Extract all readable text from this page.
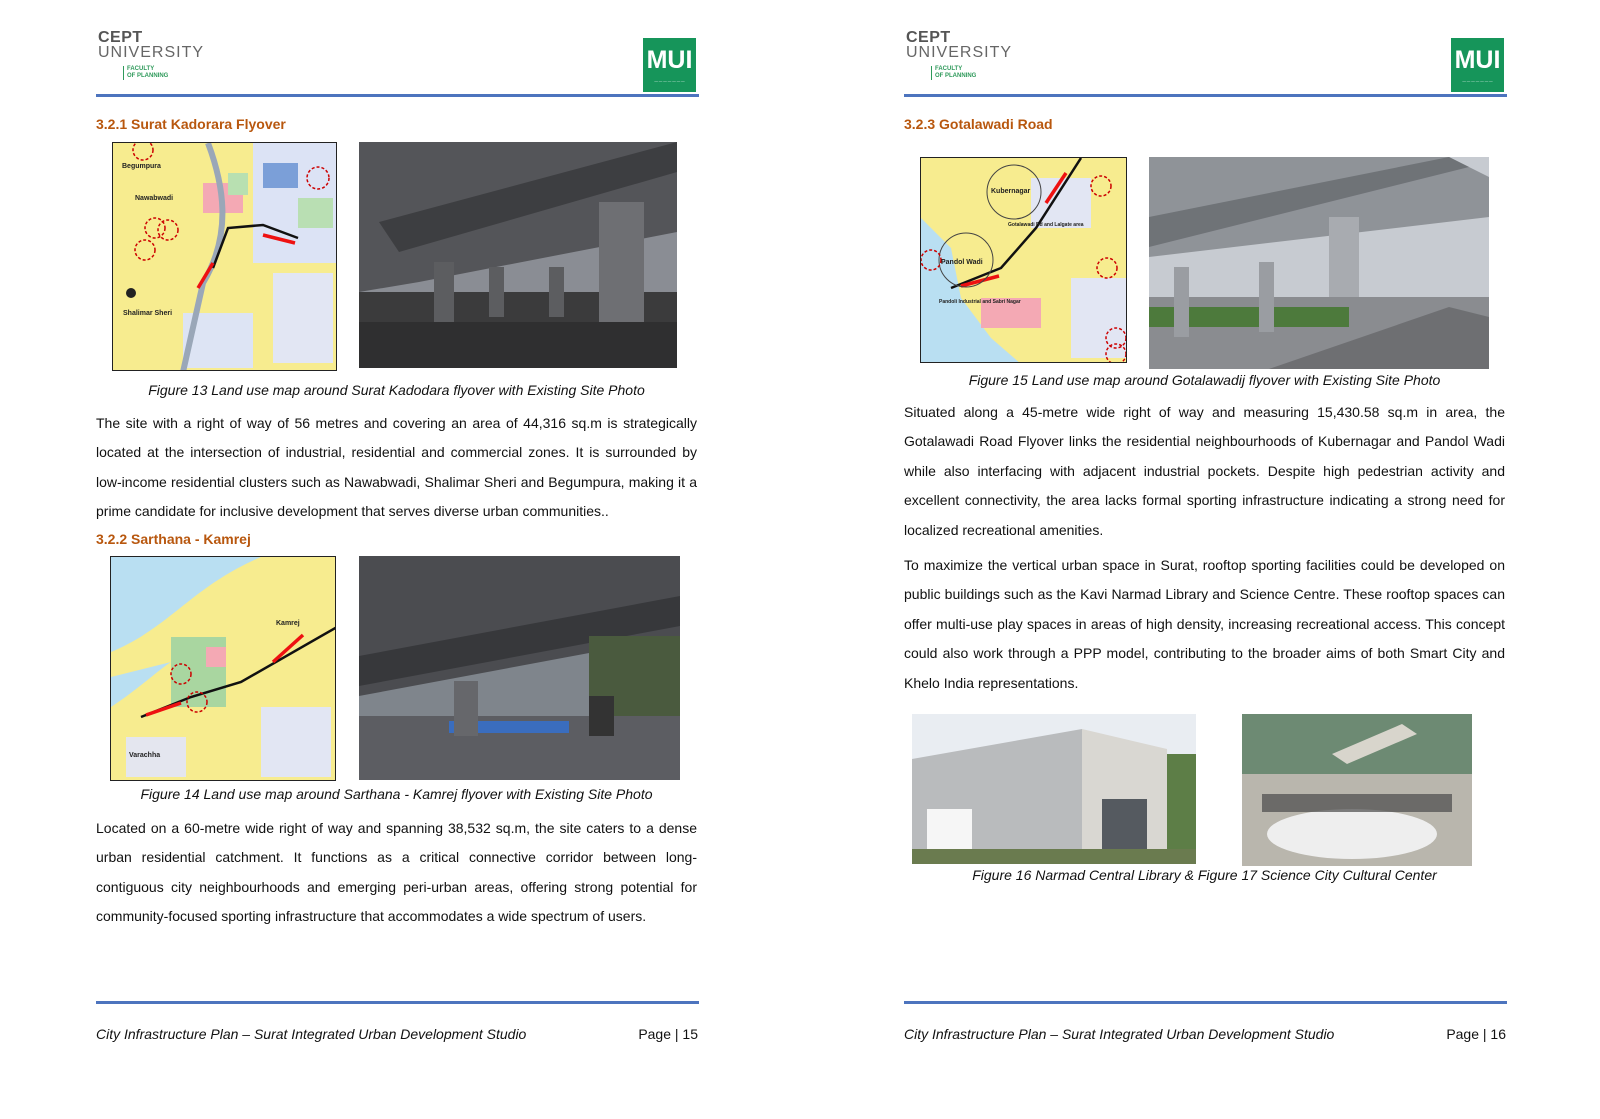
CEPT
UNIVERSITY
FACULTY
OF PLANNING
MUI
— — — — — — —
3.2.1 Surat Kadorara Flyover
Begumpura
Nawabwadi
Shalimar Sheri
Figure 13 Land use map around Surat Kadodara flyover with Existing Site Photo

The site with a right of way of 56 metres and covering an area of 44,316 sq.m is strategically located at the intersection of industrial, residential and commercial zones. It is surrounded by low-income residential clusters such as Nawabwadi, Shalimar Sheri and Begumpura, making it a prime candidate for inclusive development that serves diverse urban communities..

3.2.2 Sarthana - Kamrej
Kamrej
Varachha
Figure 14 Land use map around Sarthana - Kamrej flyover with Existing Site Photo

Located on a 60-metre wide right of way and spanning 38,532 sq.m, the site caters to a dense urban residential catchment. It functions as a critical connective corridor between long-contiguous city neighbourhoods and emerging peri-urban areas, offering strong potential for community-focused sporting infrastructure that accommodates a wide spectrum of users.

City Infrastructure Plan – Surat Integrated Urban Development Studio	Page | 15
CEPT
UNIVERSITY
FACULTY
OF PLANNING
MUI
— — — — — — —
3.2.3 Gotalawadi Road
Kubernagar
Gotalawadi Rd and Lalgate area
Pandol Wadi
Pandoli Industrial and Sabri Nagar
Figure 15 Land use map around Gotalawadij flyover with Existing Site Photo

Situated along a 45-metre wide right of way and measuring 15,430.58 sq.m in area, the Gotalawadi Road Flyover links the residential neighbourhoods of Kubernagar and Pandol Wadi while also interfacing with adjacent industrial pockets. Despite high pedestrian activity and excellent connectivity, the area lacks formal sporting infrastructure indicating a strong need for localized recreational amenities.

To maximize the vertical urban space in Surat, rooftop sporting facilities could be developed on public buildings such as the Kavi Narmad Library and Science Centre. These rooftop spaces can offer multi-use play spaces in areas of high density, increasing recreational access. This concept could also work through a PPP model, contributing to the broader aims of both Smart City and Khelo India representations.

Figure 16 Narmad Central Library & Figure 17 Science City Cultural Center
City Infrastructure Plan – Surat Integrated Urban Development Studio	Page | 16
